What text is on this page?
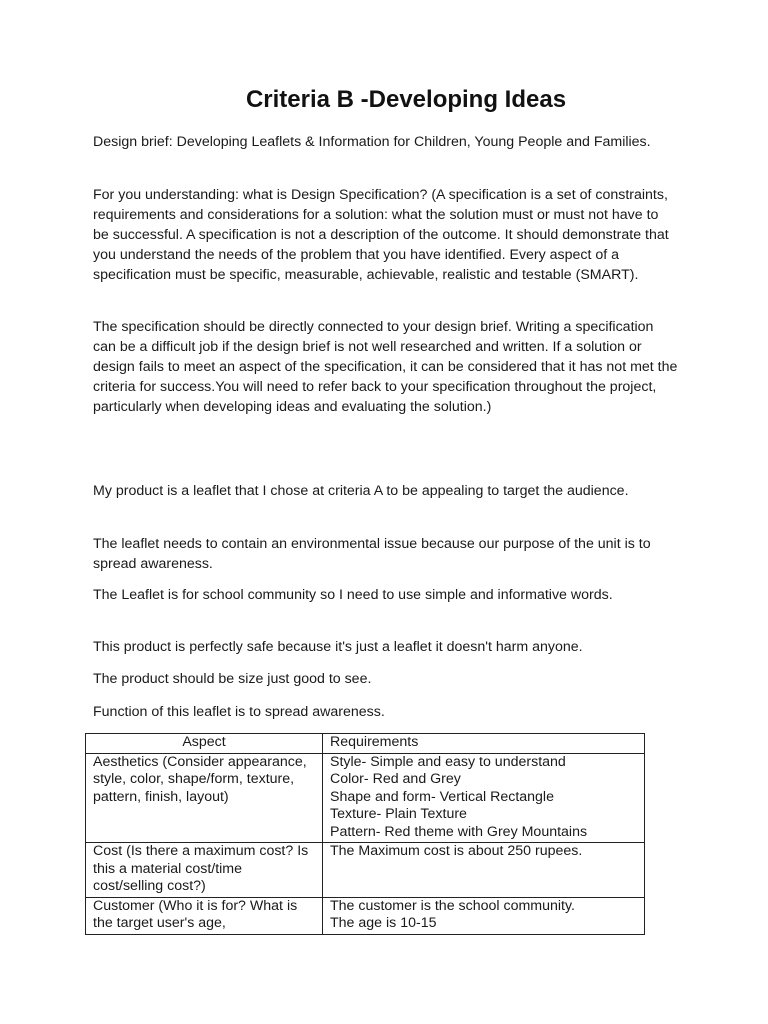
Criteria B -Developing Ideas

Design brief: Developing Leaflets & Information for Children, Young People and Families.

For you understanding: what is Design Specification? (A specification is a set of constraints, requirements and considerations for a solution: what the solution must or must not have to be successful. A specification is not a description of the outcome. It should demonstrate that you understand the needs of the problem that you have identified. Every aspect of a specification must be specific, measurable, achievable, realistic and testable (SMART).

The specification should be directly connected to your design brief. Writing a specification can be a difficult job if the design brief is not well researched and written. If a solution or design fails to meet an aspect of the specification, it can be considered that it has not met the criteria for success.You will need to refer back to your specification throughout the project, particularly when developing ideas and evaluating the solution.)

My product is a leaflet that I chose at criteria A to be appealing to target the audience.

The leaflet needs to contain an environmental issue because our purpose of the unit is to spread awareness.

The Leaflet is for school community so I need to use simple and informative words.

This product is perfectly safe because it's just a leaflet it doesn't harm anyone.

The product should be size just good to see.

Function of this leaflet is to spread awareness.

Aspect	Requirements
Aesthetics (Consider appearance, style, color, shape/form, texture, pattern, finish, layout)	Style- Simple and easy to understand
Color- Red and Grey
Shape and form- Vertical Rectangle
Texture- Plain Texture
Pattern- Red theme with Grey Mountains

Cost (Is there a maximum cost? Is this a material cost/time cost/selling cost?)	The Maximum cost is about 250 rupees.

Customer (Who it is for? What is the target user's age,	The customer is the school community.
The age is 10-15
